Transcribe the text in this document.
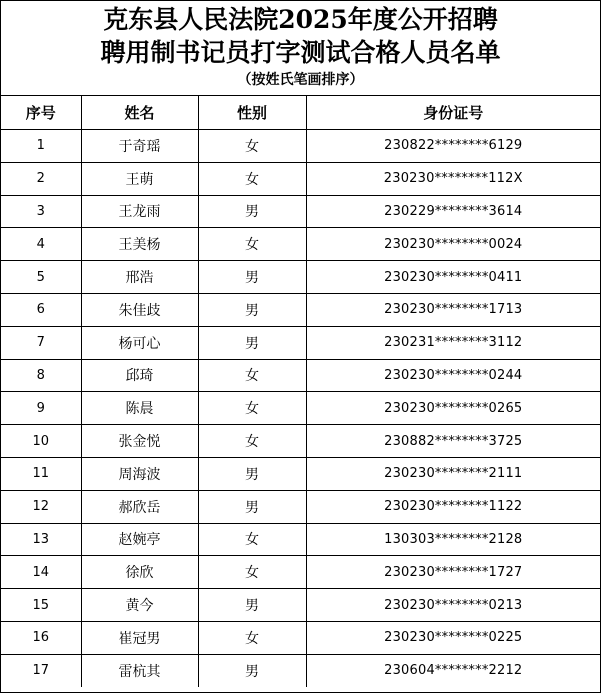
克东县人民法院2025年度公开招聘
聘用制书记员打字测试合格人员名单
（按姓氏笔画排序）
序号	姓名	性别	身份证号
1	于奇瑶	女	230822********6129
2	王萌	女	230230********112X
3	王龙雨	男	230229********3614
4	王美杨	女	230230********0024
5	邢浩	男	230230********0411
6	朱佳歧	男	230230********1713
7	杨可心	男	230231********3112
8	邱琦	女	230230********0244
9	陈晨	女	230230********0265
10	张金悦	女	230882********3725
11	周海波	男	230230********2111
12	郝欣岳	男	230230********1122
13	赵婉亭	女	130303********2128
14	徐欣	女	230230********1727
15	黄今	男	230230********0213
16	崔冠男	女	230230********0225
17	雷杭其	男	230604********2212
